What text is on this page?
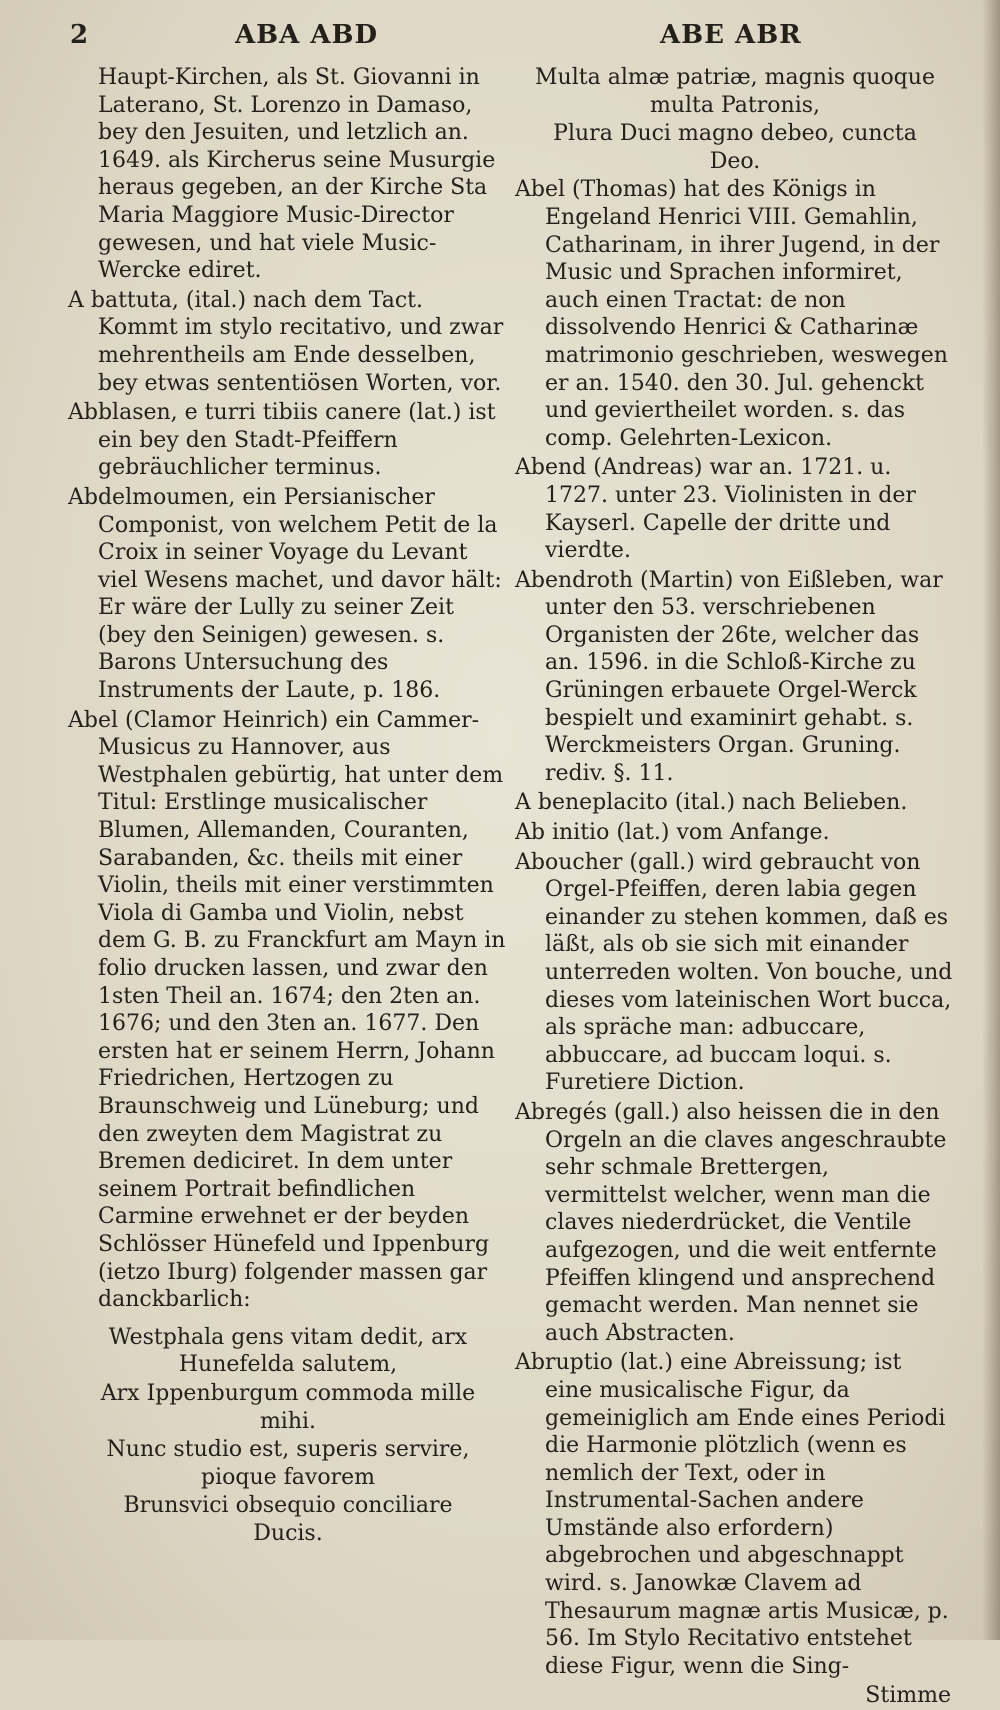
2	ABA ABD	ABE ABR

Haupt-Kirchen, als St. Giovanni in Laterano, St. Lorenzo in Damaso, bey den Jesuiten, und letzlich an. 1649. als Kircherus seine Musurgie heraus gegeben, an der Kirche Sta Maria Maggiore Music-Director gewesen, und hat viele Music-Wercke ediret.

A battuta, (ital.) nach dem Tact. Kommt im stylo recitativo, und zwar mehrentheils am Ende desselben, bey etwas sententiösen Worten, vor.

Abblasen, e turri tibiis canere (lat.) ist ein bey den Stadt-Pfeiffern gebräuchlicher terminus.

Abdelmoumen, ein Persianischer Componist, von welchem Petit de la Croix in seiner Voyage du Levant viel Wesens machet, und davor hält: Er wäre der Lully zu seiner Zeit (bey den Seinigen) gewesen. s. Barons Untersuchung des Instruments der Laute, p. 186.

Abel (Clamor Heinrich) ein Cammer-Musicus zu Hannover, aus Westphalen gebürtig, hat unter dem Titul: Erstlinge musicalischer Blumen, Allemanden, Couranten, Sarabanden, &c. theils mit einer Violin, theils mit einer verstimmten Viola di Gamba und Violin, nebst dem G. B. zu Franckfurt am Mayn in folio drucken lassen, und zwar den 1sten Theil an. 1674; den 2ten an. 1676; und den 3ten an. 1677. Den ersten hat er seinem Herrn, Johann Friedrichen, Hertzogen zu Braunschweig und Lüneburg; und den zweyten dem Magistrat zu Bremen dediciret. In dem unter seinem Portrait befindlichen Carmine erwehnet er der beyden Schlösser Hünefeld und Ippenburg (ietzo Iburg) folgender massen gar danckbarlich:

Westphala gens vitam dedit, arx Hunefelda salutem,

Arx Ippenburgum commoda mille mihi.

Nunc studio est, superis servire, pioque favorem

Brunsvici obsequio conciliare Ducis.

Multa almæ patriæ, magnis quoque multa Patronis,

Plura Duci magno debeo, cuncta Deo.

Abel (Thomas) hat des Königs in Engeland Henrici VIII. Gemahlin, Catharinam, in ihrer Jugend, in der Music und Sprachen informiret, auch einen Tractat: de non dissolvendo Henrici & Catharinæ matrimonio geschrieben, weswegen er an. 1540. den 30. Jul. gehenckt und geviertheilet worden. s. das comp. Gelehrten-Lexicon.

Abend (Andreas) war an. 1721. u. 1727. unter 23. Violinisten in der Kayserl. Capelle der dritte und vierdte.

Abendroth (Martin) von Eißleben, war unter den 53. verschriebenen Organisten der 26te, welcher das an. 1596. in die Schloß-Kirche zu Grüningen erbauete Orgel-Werck bespielt und examinirt gehabt. s. Werckmeisters Organ. Gruning. rediv. §. 11.

A beneplacito (ital.) nach Belieben.

Ab initio (lat.) vom Anfange.

Aboucher (gall.) wird gebraucht von Orgel-Pfeiffen, deren labia gegen einander zu stehen kommen, daß es läßt, als ob sie sich mit einander unterreden wolten. Von bouche, und dieses vom lateinischen Wort bucca, als spräche man: adbuccare, abbuccare, ad buccam loqui. s. Furetiere Diction.

Abregés (gall.) also heissen die in den Orgeln an die claves angeschraubte sehr schmale Brettergen, vermittelst welcher, wenn man die claves niederdrücket, die Ventile aufgezogen, und die weit entfernte Pfeiffen klingend und ansprechend gemacht werden. Man nennet sie auch Abstracten.

Abruptio (lat.) eine Abreissung; ist eine musicalische Figur, da gemeiniglich am Ende eines Periodi die Harmonie plötzlich (wenn es nemlich der Text, oder in Instrumental-Sachen andere Umstände also erfordern) abgebrochen und abgeschnappt wird. s. Janowkæ Clavem ad Thesaurum magnæ artis Musicæ, p. 56. Im Stylo Recitativo entstehet diese Figur, wenn die Sing-

Stimme
